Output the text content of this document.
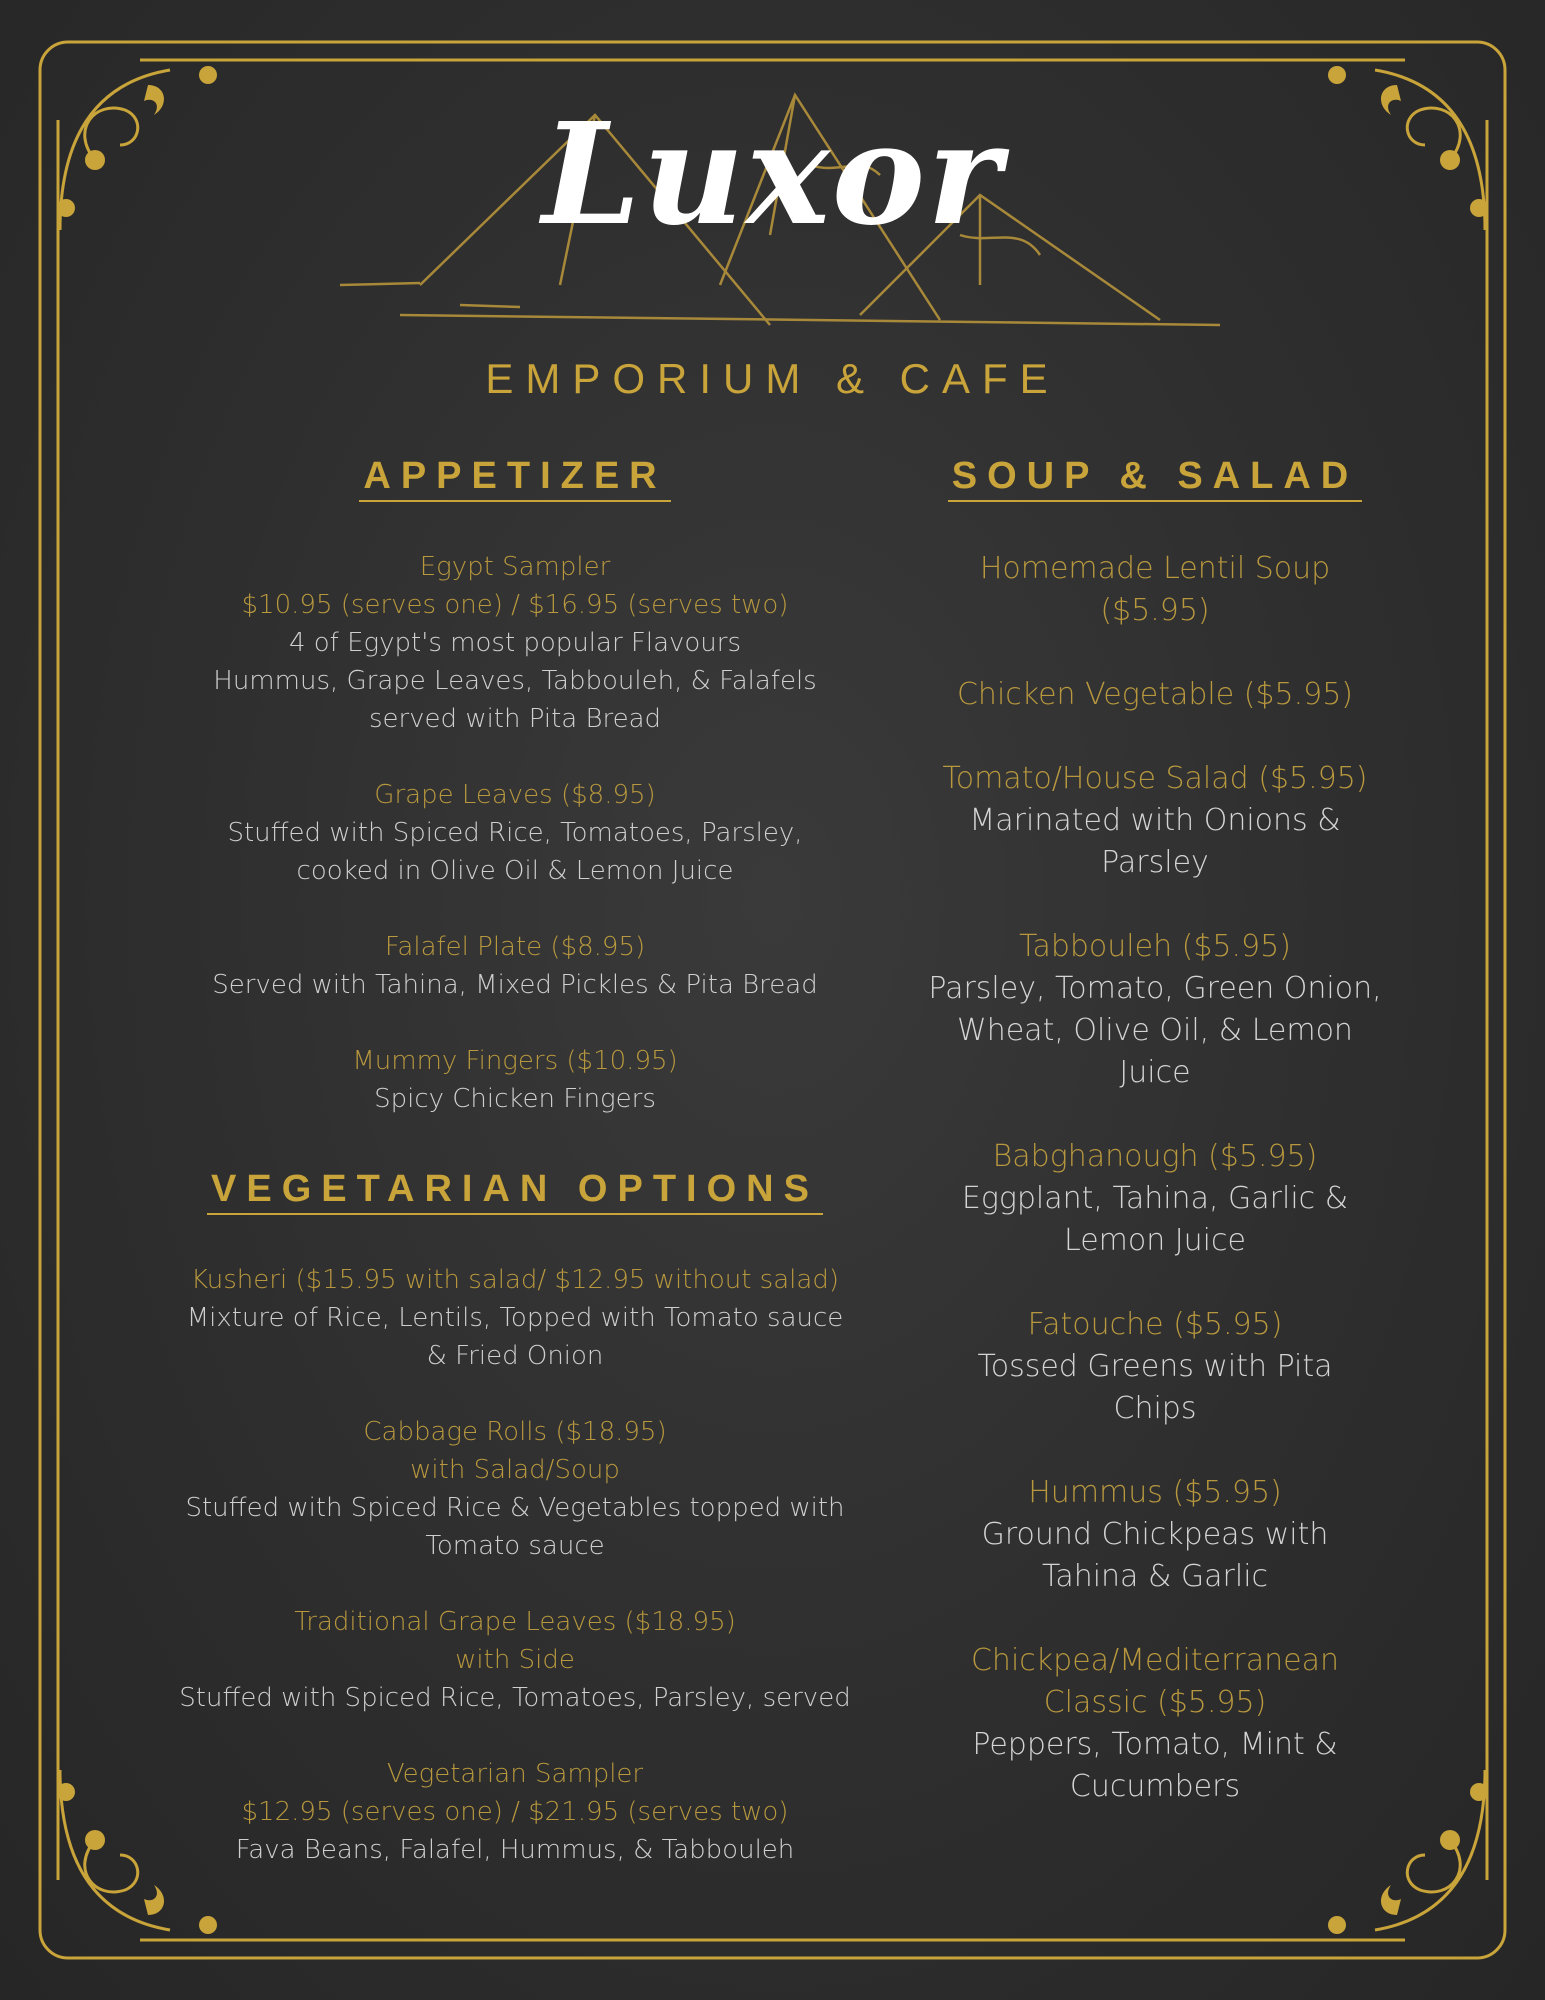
Luxor
EMPORIUM & CAFE
APPETIZER
Egypt Sampler
$10.95 (serves one) / $16.95 (serves two)
4 of Egypt's most popular Flavours
Hummus, Grape Leaves, Tabbouleh, & Falafels
served with Pita Bread
Grape Leaves ($8.95)
Stuffed with Spiced Rice, Tomatoes, Parsley,
cooked in Olive Oil & Lemon Juice
Falafel Plate ($8.95)
Served with Tahina, Mixed Pickles & Pita Bread
Mummy Fingers ($10.95)
Spicy Chicken Fingers
VEGETARIAN OPTIONS
Kusheri ($15.95 with salad/ $12.95 without salad)
Mixture of Rice, Lentils, Topped with Tomato sauce
& Fried Onion
Cabbage Rolls ($18.95)
with Salad/Soup
Stuffed with Spiced Rice & Vegetables topped with
Tomato sauce
Traditional Grape Leaves ($18.95)
with Side
Stuffed with Spiced Rice, Tomatoes, Parsley, served
Vegetarian Sampler
$12.95 (serves one) / $21.95 (serves two)
Fava Beans, Falafel, Hummus, & Tabbouleh
SOUP & SALAD
Homemade Lentil Soup
($5.95)
Chicken Vegetable ($5.95)
Tomato/House Salad ($5.95)
Marinated with Onions &
Parsley
Tabbouleh ($5.95)
Parsley, Tomato, Green Onion,
Wheat, Olive Oil, & Lemon
Juice
Babghanough ($5.95)
Eggplant, Tahina, Garlic &
Lemon Juice
Fatouche ($5.95)
Tossed Greens with Pita
Chips
Hummus ($5.95)
Ground Chickpeas with
Tahina & Garlic
Chickpea/Mediterranean
Classic ($5.95)
Peppers, Tomato, Mint &
Cucumbers
